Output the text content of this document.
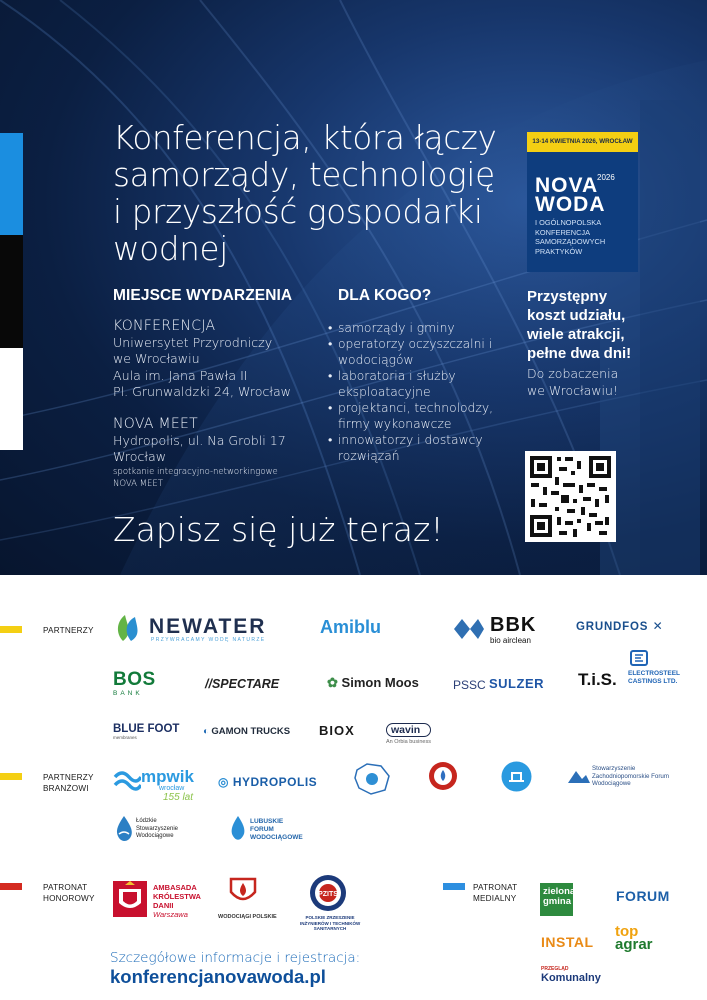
Konferencja, która łączy
samorządy, technologię
i przyszłość gospodarki
wodnej
MIEJSCE WYDARZENIA	DLA KOGO?
KONFERENCJA
Uniwersytet Przyrodniczy
we Wrocławiu
Aula im. Jana Pawła II
Pl. Grunwaldzki 24, Wrocław
NOVA MEET
Hydropolis, ul. Na Grobli 17
Wrocław
spotkanie integracyjno-networkingowe
NOVA MEET
• samorządy i gminy
• operatorzy oczyszczalni i wodociągów
• laboratoria i służby eksploatacyjne
• projektanci, technolodzy, firmy wykonawcze
• innowatorzy i dostawcy rozwiązań
Zapisz się już teraz!
13-14 KWIETNIA 2026, WROCŁAW
NOVA
2026
WODA
I OGÓLNOPOLSKA
KONFERENCJA
SAMORZĄDOWYCH
PRAKTYKÓW
Przystępny
koszt udziału,
wiele atrakcji,
pełne dwa dni!
Do zobaczenia
we Wrocławiu!
PARTNERZY	NEWATER
PRZYWRACAMY WODĘ NATURZE
Amiblu	BBK
bio airclean
GRUNDFOS ✕
BOS
BANK
//SPECTARE	✿ Simon Moos	PSSC SULZER T.i.S. ELECTROSTEEL
CASTINGS LTD.
BLUE FOOT
membranes
◐ GAMON TRUCKS BIOX	wavin
An Orbia business
PARTNERZY
BRANŻOWI
mpwik
wrocław
155 lat
◎ HYDROPOLIS
Stowarzyszenie
Zachodniopomorskie Forum
Wodociągowe
Łódzkie
Stowarzyszenie
Wodociągowe
LUBUSKIE
FORUM
WODOCIĄGOWE
PATRONAT
HONOROWY
AMBASADA
KRÓLESTWA
DANII
Warszawa	WODOCIĄGI POLSKIE
PZITS
POLSKIE ZRZESZENIE
INŻYNIERÓW I TECHNIKÓW
SANITARNYCH
PATRONAT
MEDIALNY
zielona
gmina	FORUM
INSTAL
top
agrar
PRZEGLĄD
Komunalny
Szczegółowe informacje i rejestracja:
konferencjanovawoda.pl
